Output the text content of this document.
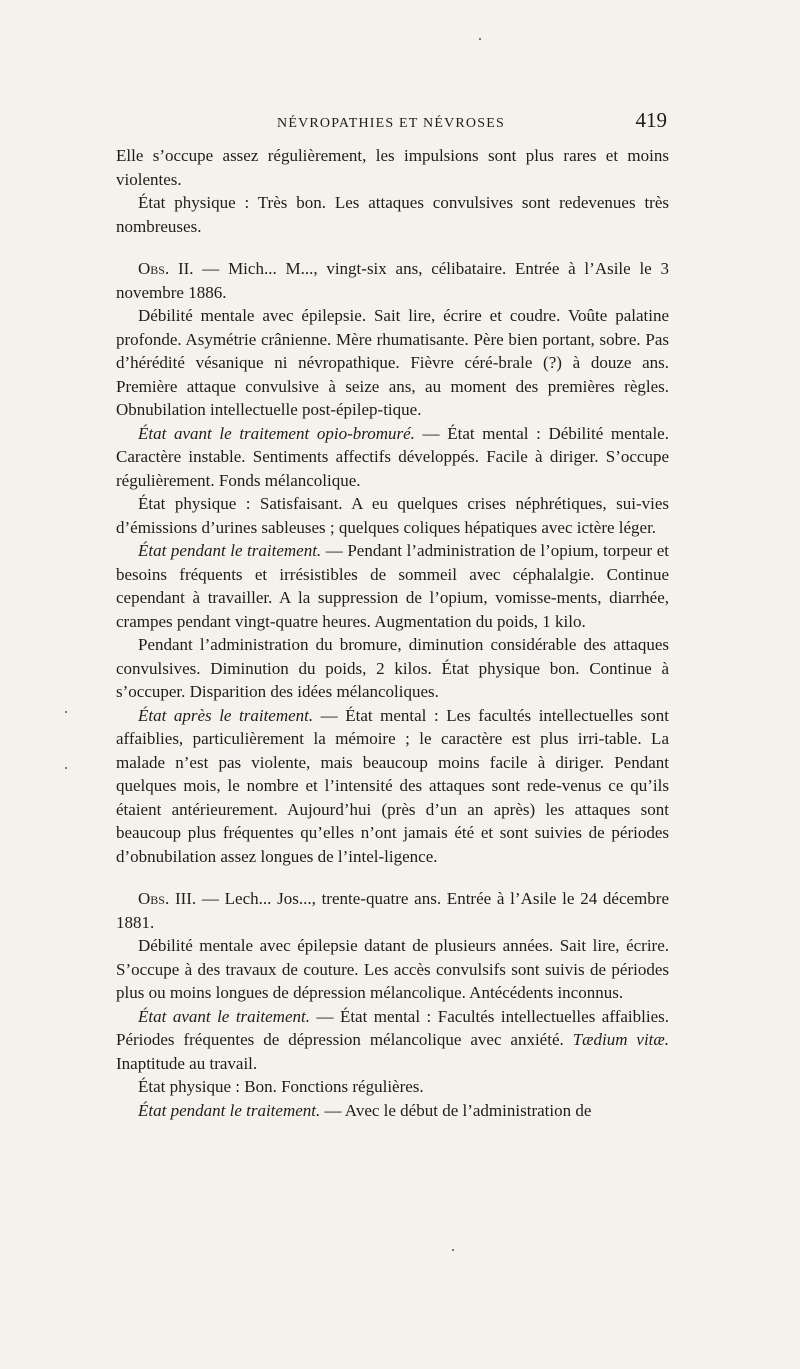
NÉVROPATHIES ET NÉVROSES	419

Elle s’occupe assez régulièrement, les impulsions sont plus rares et moins violentes.

État physique : Très bon. Les attaques convulsives sont redevenues très nombreuses.

Obs. II. — Mich... M..., vingt-six ans, célibataire. Entrée à l’Asile le 3 novembre 1886.

Débilité mentale avec épilepsie. Sait lire, écrire et coudre. Voûte palatine profonde. Asymétrie crânienne. Mère rhumatisante. Père bien portant, sobre. Pas d’hérédité vésanique ni névropathique. Fièvre céré-brale (?) à douze ans. Première attaque convulsive à seize ans, au moment des premières règles. Obnubilation intellectuelle post-épilep-tique.

État avant le traitement opio-bromuré. — État mental : Débilité mentale. Caractère instable. Sentiments affectifs développés. Facile à diriger. S’occupe régulièrement. Fonds mélancolique.

État physique : Satisfaisant. A eu quelques crises néphrétiques, sui-vies d’émissions d’urines sableuses ; quelques coliques hépatiques avec ictère léger.

État pendant le traitement. — Pendant l’administration de l’opium, torpeur et besoins fréquents et irrésistibles de sommeil avec céphalalgie. Continue cependant à travailler. A la suppression de l’opium, vomisse-ments, diarrhée, crampes pendant vingt-quatre heures. Augmentation du poids, 1 kilo.

Pendant l’administration du bromure, diminution considérable des attaques convulsives. Diminution du poids, 2 kilos. État physique bon. Continue à s’occuper. Disparition des idées mélancoliques.

État après le traitement. — État mental : Les facultés intellectuelles sont affaiblies, particulièrement la mémoire ; le caractère est plus irri-table. La malade n’est pas violente, mais beaucoup moins facile à diriger. Pendant quelques mois, le nombre et l’intensité des attaques sont rede-venus ce qu’ils étaient antérieurement. Aujourd’hui (près d’un an après) les attaques sont beaucoup plus fréquentes qu’elles n’ont jamais été et sont suivies de périodes d’obnubilation assez longues de l’intel-ligence.

Obs. III. — Lech... Jos..., trente-quatre ans. Entrée à l’Asile le 24 décembre 1881.

Débilité mentale avec épilepsie datant de plusieurs années. Sait lire, écrire. S’occupe à des travaux de couture. Les accès convulsifs sont suivis de périodes plus ou moins longues de dépression mélancolique. Antécédents inconnus.

État avant le traitement. — État mental : Facultés intellectuelles affaiblies. Périodes fréquentes de dépression mélancolique avec anxiété. Tædium vitæ. Inaptitude au travail.

État physique : Bon. Fonctions régulières.

État pendant le traitement. — Avec le début de l’administration de
